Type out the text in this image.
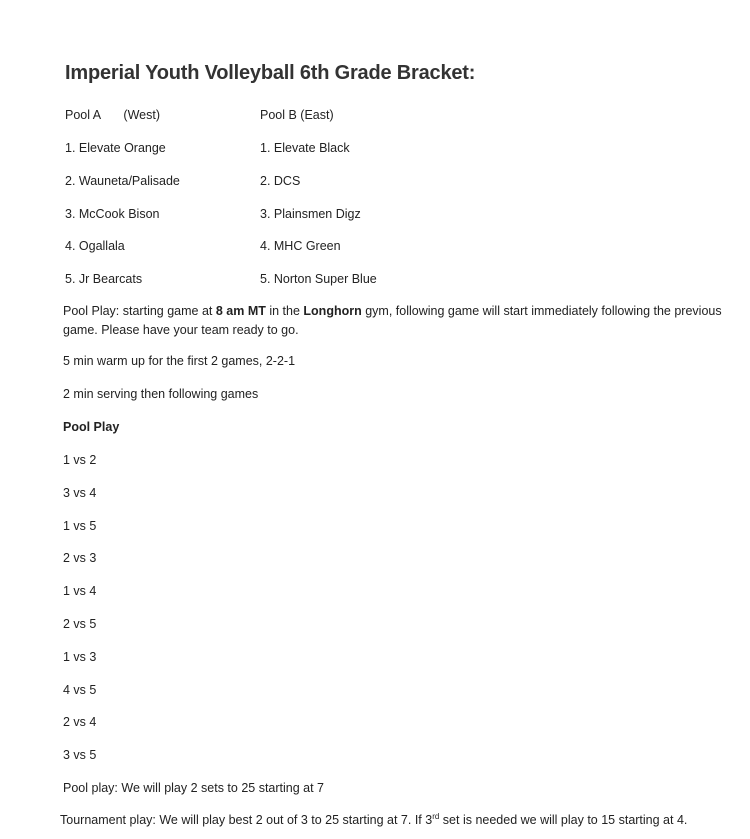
Imperial Youth Volleyball 6th Grade Bracket:
Pool A (West)	Pool B (East)
1. Elevate Orange
2. Wauneta/Palisade
3. McCook Bison
4. Ogallala
5. Jr Bearcats
1. Elevate Black
2. DCS
3. Plainsmen Digz
4. MHC Green
5. Norton Super Blue
Pool Play: starting game at 8 am MT in the Longhorn gym, following game will start immediately following the previous game. Please have your team ready to go.
5 min warm up for the first 2 games, 2-2-1
2 min serving then following games
Pool Play
1 vs 2
3 vs 4
1 vs 5
2 vs 3
1 vs 4
2 vs 5
1 vs 3
4 vs 5
2 vs 4
3 vs 5
Pool play: We will play 2 sets to 25 starting at 7
Tournament play: We will play best 2 out of 3 to 25 starting at 7. If 3rd set is needed we will play to 15 starting at 4.
